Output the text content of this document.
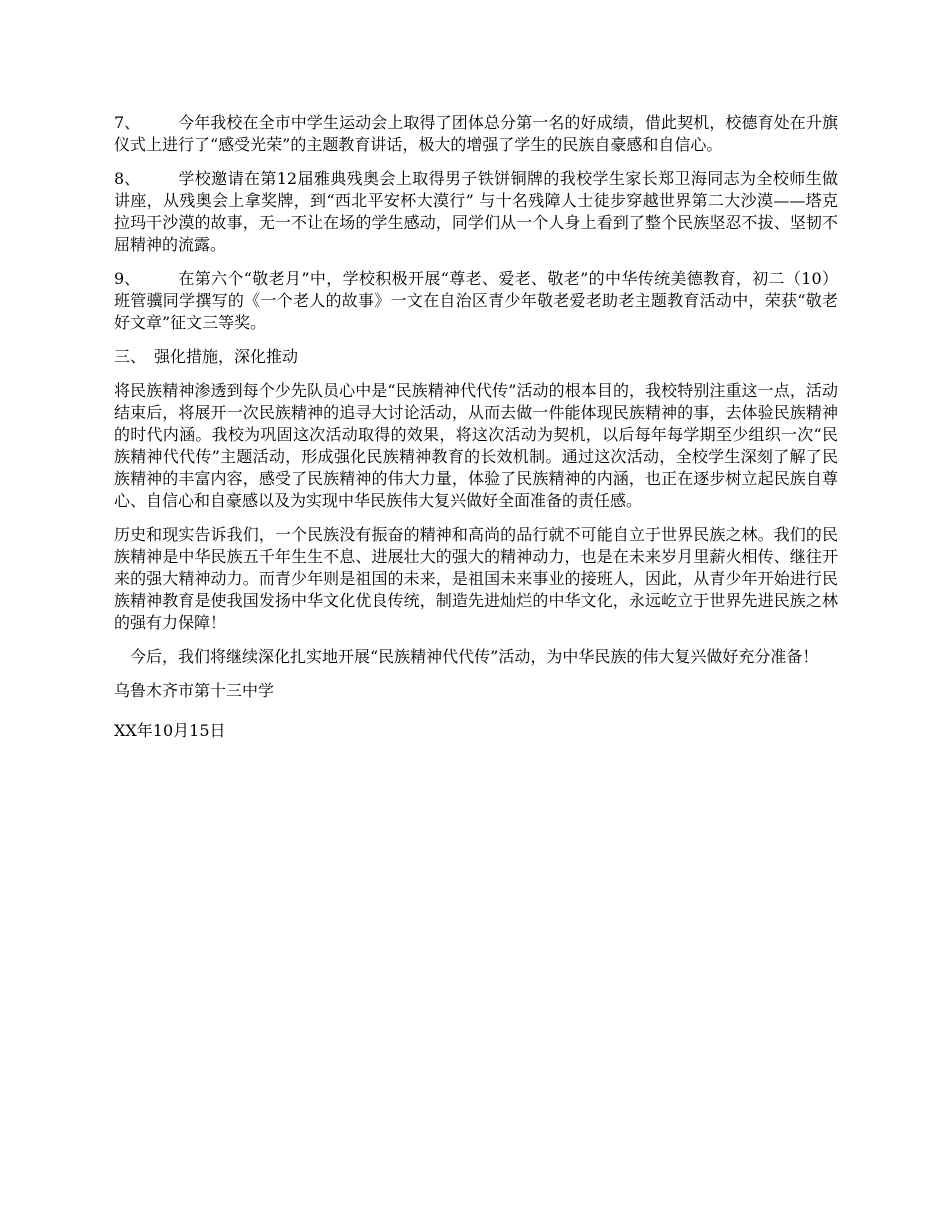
7、 今年我校在全市中学生运动会上取得了团体总分第一名的好成绩，借此契机，校德育处在升旗仪式上进行了“感受光荣”的主题教育讲话，极大的增强了学生的民族自豪感和自信心。

8、 学校邀请在第12届雅典残奥会上取得男子铁饼铜牌的我校学生家长郑卫海同志为全校师生做讲座，从残奥会上拿奖牌，到“西北平安杯大漠行” 与十名残障人士徒步穿越世界第二大沙漠——塔克拉玛干沙漠的故事，无一不让在场的学生感动，同学们从一个人身上看到了整个民族坚忍不拔、坚韧不屈精神的流露。

9、 在第六个“敬老月”中，学校积极开展“尊老、爱老、敬老”的中华传统美德教育，初二（10）班管骥同学撰写的《一个老人的故事》一文在自治区青少年敬老爱老助老主题教育活动中，荣获“敬老好文章”征文三等奖。

三、 强化措施，深化推动

将民族精神渗透到每个少先队员心中是“民族精神代代传”活动的根本目的，我校特别注重这一点，活动结束后，将展开一次民族精神的追寻大讨论活动，从而去做一件能体现民族精神的事，去体验民族精神的时代内涵。我校为巩固这次活动取得的效果，将这次活动为契机，以后每年每学期至少组织一次“民族精神代代传”主题活动，形成强化民族精神教育的长效机制。通过这次活动，全校学生深刻了解了民族精神的丰富内容，感受了民族精神的伟大力量，体验了民族精神的内涵，也正在逐步树立起民族自尊心、自信心和自豪感以及为实现中华民族伟大复兴做好全面准备的责任感。

历史和现实告诉我们，一个民族没有振奋的精神和高尚的品行就不可能自立于世界民族之林。我们的民族精神是中华民族五千年生生不息、进展壮大的强大的精神动力，也是在未来岁月里薪火相传、继往开来的强大精神动力。而青少年则是祖国的未来，是祖国未来事业的接班人，因此，从青少年开始进行民族精神教育是使我国发扬中华文化优良传统，制造先进灿烂的中华文化，永远屹立于世界先进民族之林的强有力保障！

今后，我们将继续深化扎实地开展“民族精神代代传”活动，为中华民族的伟大复兴做好充分准备！

乌鲁木齐市第十三中学

XX年10月15日
